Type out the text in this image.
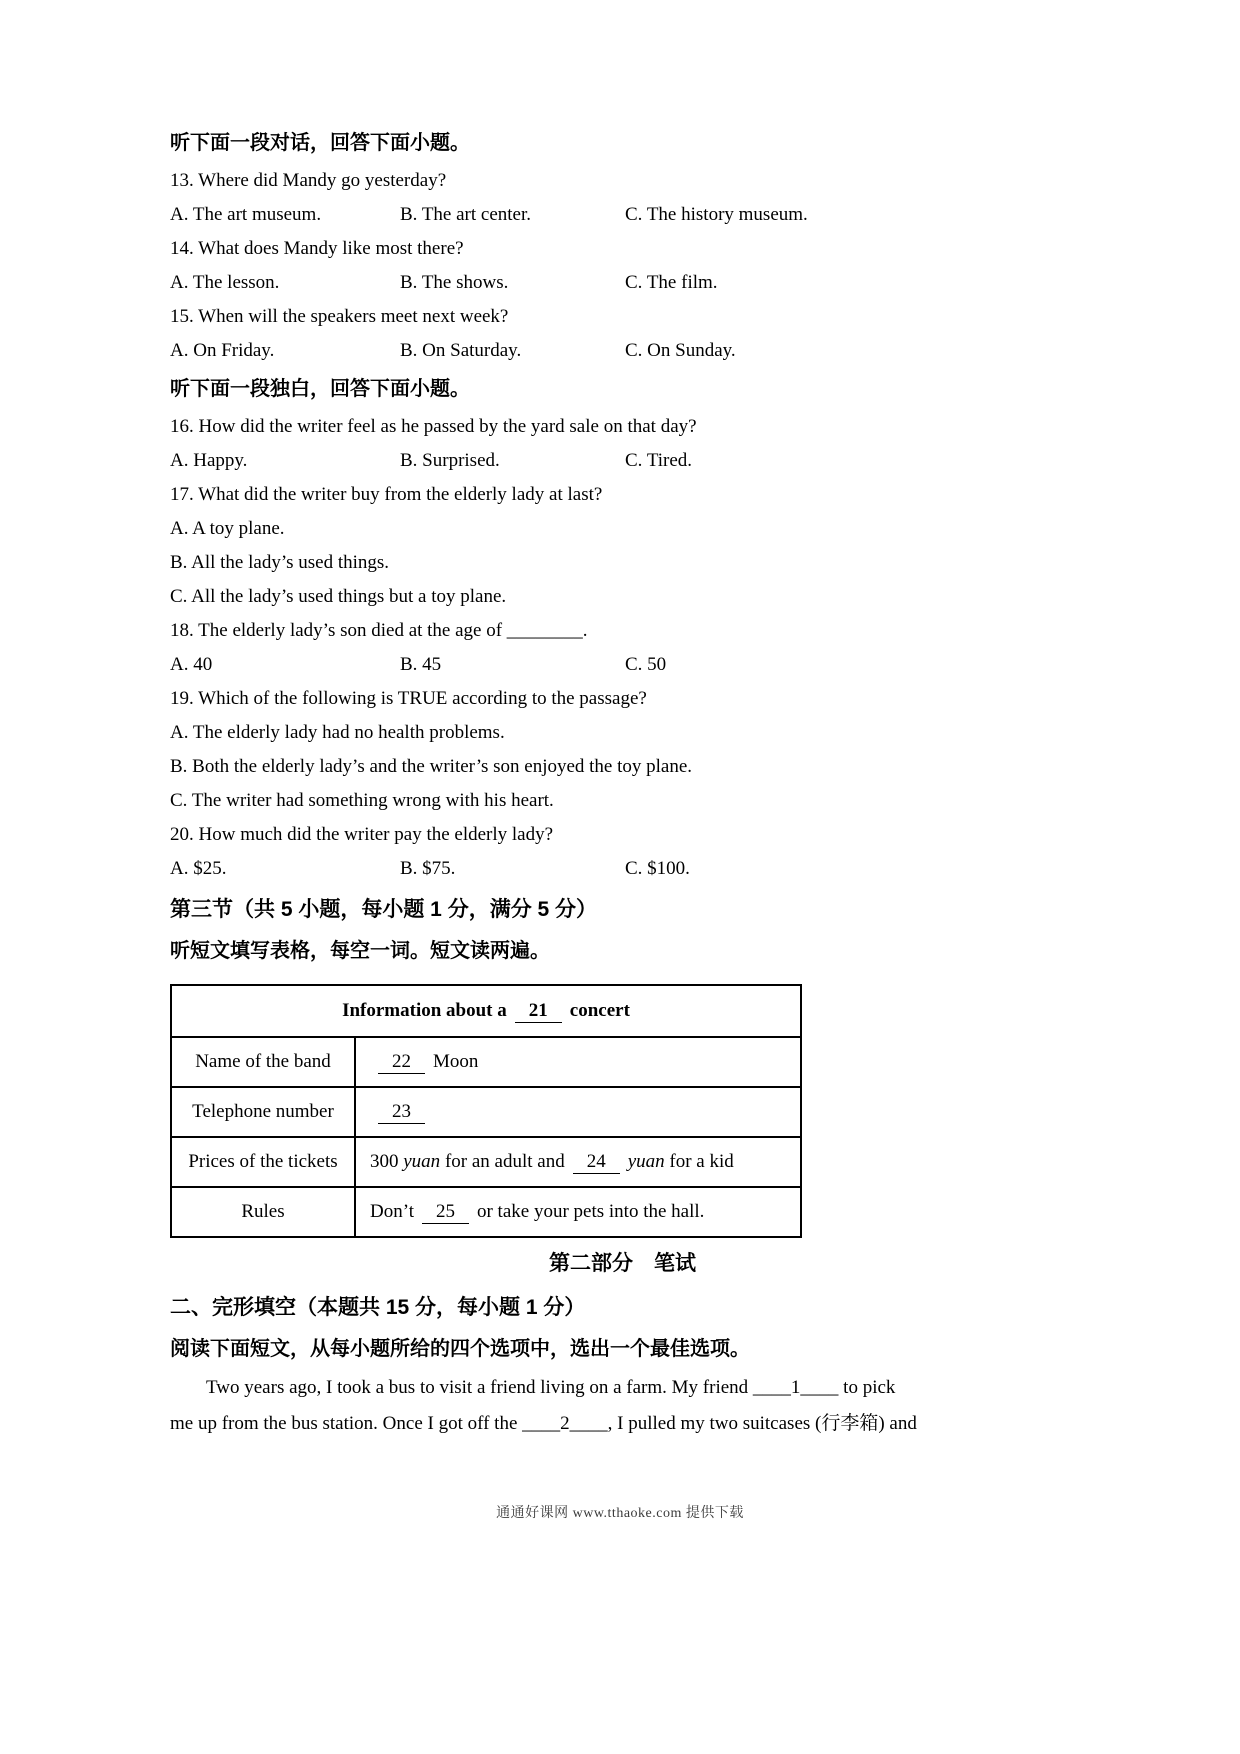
听下面一段对话，回答下面小题。

13. Where did Mandy go yesterday?

A. The art museum.	B. The art center.	C. The history museum.

14. What does Mandy like most there?

A. The lesson.	B. The shows.	C. The film.

15. When will the speakers meet next week?

A. On Friday.	B. On Saturday.	C. On Sunday.

听下面一段独白，回答下面小题。

16. How did the writer feel as he passed by the yard sale on that day?

A. Happy.	B. Surprised.	C. Tired.

17. What did the writer buy from the elderly lady at last?

A. A toy plane.

B. All the lady’s used things.

C. All the lady’s used things but a toy plane.

18. The elderly lady’s son died at the age of ________.

A. 40	B. 45	C. 50

19. Which of the following is TRUE according to the passage?

A. The elderly lady had no health problems.

B. Both the elderly lady’s and the writer’s son enjoyed the toy plane.

C. The writer had something wrong with his heart.

20. How much did the writer pay the elderly lady?

A. $25.	B. $75.	C. $100.

第三节（共 5 小题，每小题 1 分，满分 5 分）

听短文填写表格，每空一词。短文读两遍。

Information about a 21 concert	
Name of the band	22 Moon
Telephone number	23
Prices of the tickets	300 yuan for an adult and 24 yuan for a kid
Rules	Don’t 25 or take your pets into the hall.

第二部分　笔试

二、完形填空（本题共 15 分，每小题 1 分）

阅读下面短文，从每小题所给的四个选项中，选出一个最佳选项。

Two years ago, I took a bus to visit a friend living on a farm. My friend ____1____ to pick

me up from the bus station. Once I got off the ____2____, I pulled my two suitcases (行李箱) and

通通好课网 www.tthaoke.com 提供下载
